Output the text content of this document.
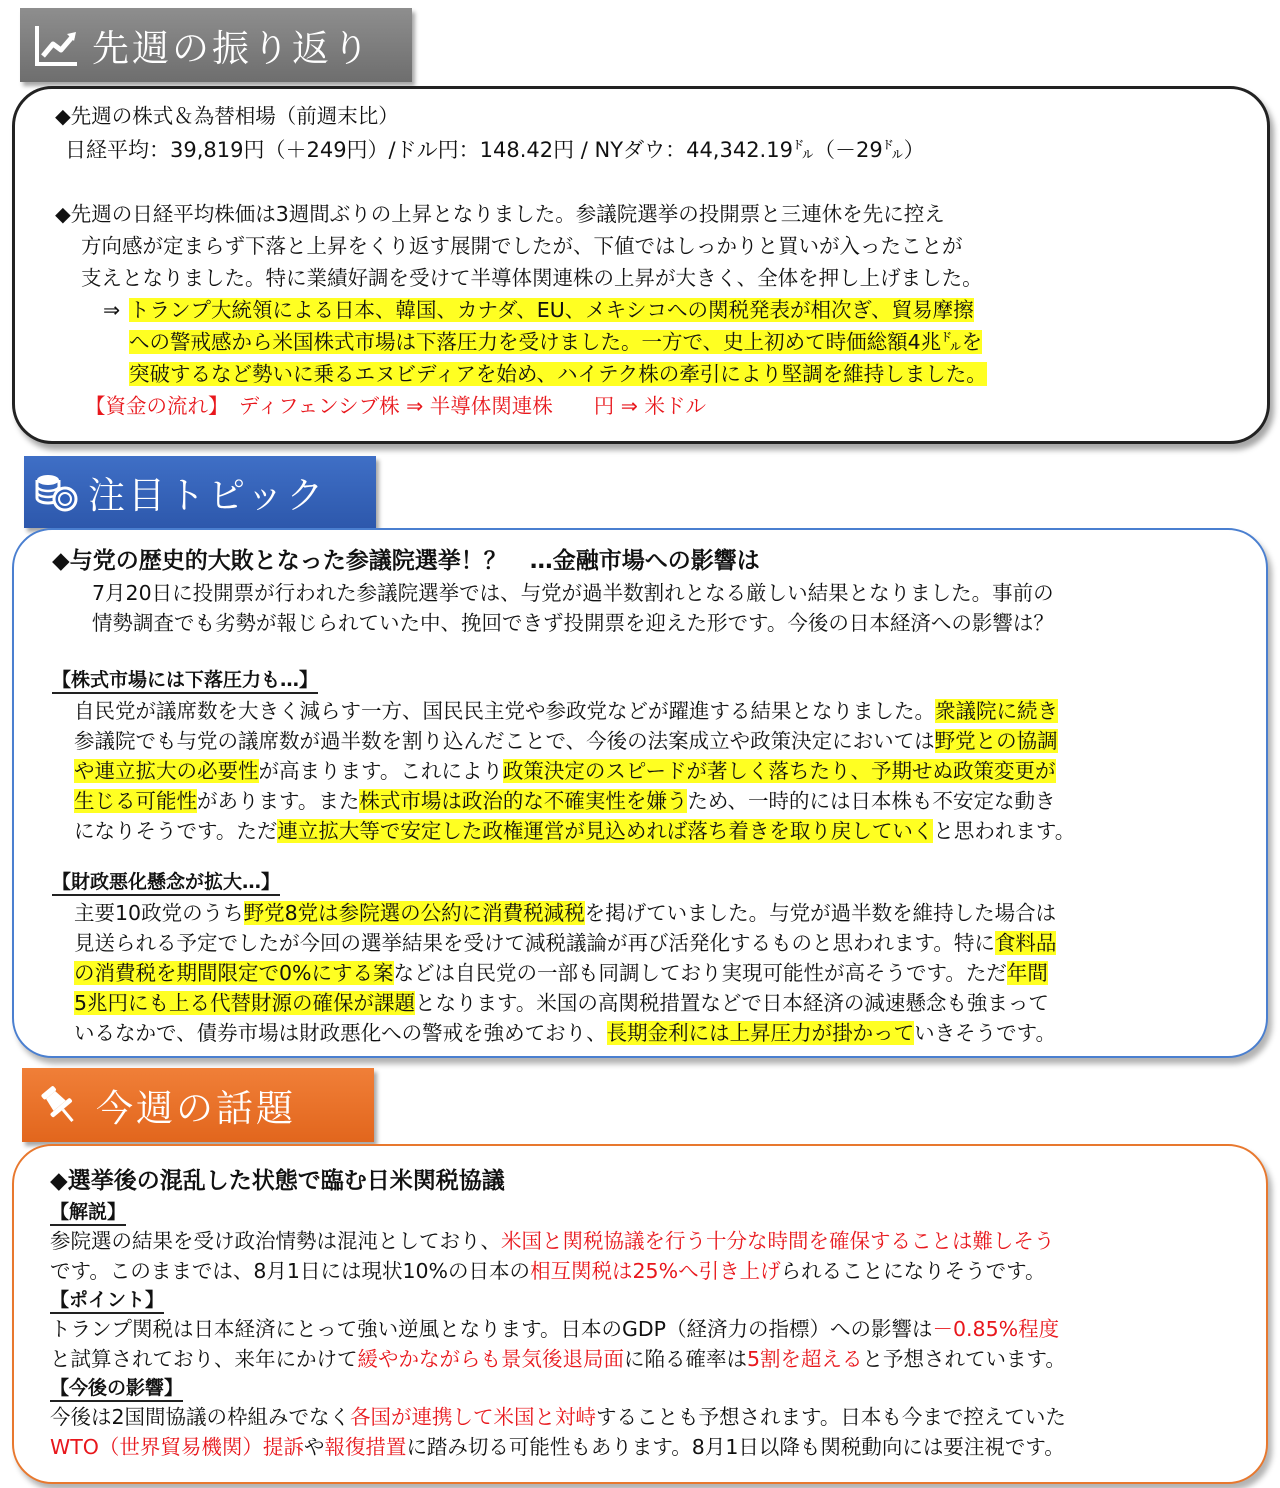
先週の振り返り
◆先週の株式＆為替相場（前週末比）
日経平均：39,819円（＋249円）/ドル円：148.42円 / NYダウ：44,342.19㌦（－29㌦）
◆先週の日経平均株価は3週間ぶりの上昇となりました。参議院選挙の投開票と三連休を先に控え
方向感が定まらず下落と上昇をくり返す展開でしたが、下値ではしっかりと買いが入ったことが
支えとなりました。特に業績好調を受けて半導体関連株の上昇が大きく、全体を押し上げました。
⇒ トランプ大統領による日本、韓国、カナダ、EU、メキシコへの関税発表が相次ぎ、貿易摩擦
への警戒感から米国株式市場は下落圧力を受けました。一方で、史上初めて時価総額4兆㌦を
突破するなど勢いに乗るエヌビディアを始め、ハイテク株の牽引により堅調を維持しました。
【資金の流れ】　ディフェンシブ株 ⇒ 半導体関連株　　円 ⇒ 米ドル
注目トピック
◆与党の歴史的大敗となった参議院選挙！？　…金融市場への影響は
7月20日に投開票が行われた参議院選挙では、与党が過半数割れとなる厳しい結果となりました。事前の
情勢調査でも劣勢が報じられていた中、挽回できず投開票を迎えた形です。今後の日本経済への影響は？
【株式市場には下落圧力も…】
自民党が議席数を大きく減らす一方、国民民主党や参政党などが躍進する結果となりました。衆議院に続き
参議院でも与党の議席数が過半数を割り込んだことで、今後の法案成立や政策決定においては野党との協調
や連立拡大の必要性が高まります。これにより政策決定のスピードが著しく落ちたり、予期せぬ政策変更が
生じる可能性があります。また株式市場は政治的な不確実性を嫌うため、一時的には日本株も不安定な動き
になりそうです。ただ連立拡大等で安定した政権運営が見込めれば落ち着きを取り戻していくと思われます。
【財政悪化懸念が拡大…】
主要10政党のうち野党8党は参院選の公約に消費税減税を掲げていました。与党が過半数を維持した場合は
見送られる予定でしたが今回の選挙結果を受けて減税議論が再び活発化するものと思われます。特に食料品
の消費税を期間限定で0%にする案などは自民党の一部も同調しており実現可能性が高そうです。ただ年間
5兆円にも上る代替財源の確保が課題となります。米国の高関税措置などで日本経済の減速懸念も強まって
いるなかで、債券市場は財政悪化への警戒を強めており、長期金利には上昇圧力が掛かっていきそうです。
今週の話題
◆選挙後の混乱した状態で臨む日米関税協議
【解説】
参院選の結果を受け政治情勢は混沌としており、米国と関税協議を行う十分な時間を確保することは難しそう
です。このままでは、8月1日には現状10%の日本の相互関税は25%へ引き上げられることになりそうです。
【ポイント】
トランプ関税は日本経済にとって強い逆風となります。日本のGDP（経済力の指標）への影響は－0.85%程度
と試算されており、来年にかけて緩やかながらも景気後退局面に陥る確率は5割を超えると予想されています。
【今後の影響】
今後は2国間協議の枠組みでなく各国が連携して米国と対峙することも予想されます。日本も今まで控えていた
WTO（世界貿易機関）提訴や報復措置に踏み切る可能性もあります。8月1日以降も関税動向には要注視です。
